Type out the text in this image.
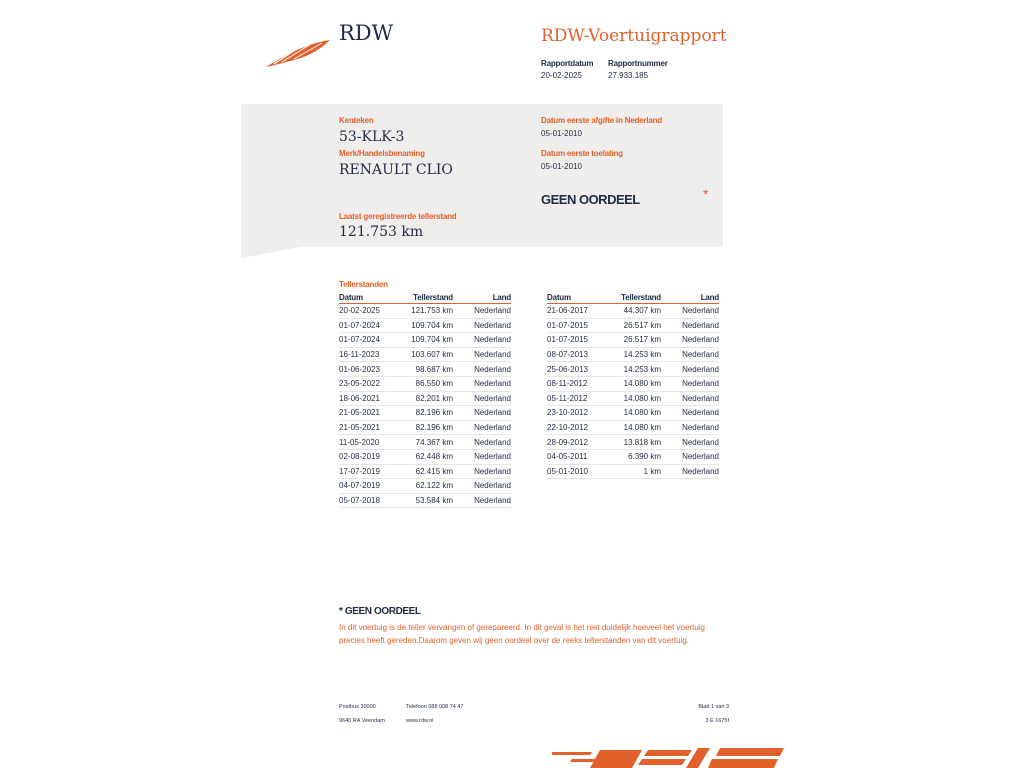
RDW	RDW-Voertuigrapport
Rapportdatum
20-02-2025
Rapportnummer
27.933.185
Kenteken
53-KLK-3
Merk/Handelsbenaming
RENAULT CLIO
Laatst geregistreerde tellerstand
121.753 km
Datum eerste afgifte in Nederland
05-01-2010
Datum eerste toelating
05-01-2010
GEEN OORDEEL	*
Tellerstanden
Datum	Tellerstand	Land
20-02-2025	121.753 km	Nederland
01-07-2024	109.704 km	Nederland
01-07-2024	109.704 km	Nederland
16-11-2023	103.607 km	Nederland
01-06-2023	98.687 km	Nederland
23-05-2022	86.550 km	Nederland
18-06-2021	82.201 km	Nederland
21-05-2021	82.196 km	Nederland
21-05-2021	82.196 km	Nederland
11-05-2020	74.367 km	Nederland
02-08-2019	62.448 km	Nederland
17-07-2019	62.415 km	Nederland
04-07-2019	62.122 km	Nederland
05-07-2018	53.584 km	Nederland
Datum	Tellerstand	Land
21-06-2017	44.307 km	Nederland
01-07-2015	26.517 km	Nederland
01-07-2015	26.517 km	Nederland
08-07-2013	14.253 km	Nederland
25-06-2013	14.253 km	Nederland
08-11-2012	14.080 km	Nederland
05-11-2012	14.080 km	Nederland
23-10-2012	14.080 km	Nederland
22-10-2012	14.080 km	Nederland
28-09-2012	13.818 km	Nederland
04-05-2011	6.390 km	Nederland
05-01-2010	1 km	Nederland
* GEEN OORDEEL
In dit voertuig is de teller vervangen of gerepareerd. In dit geval is het niet duidelijk hoeveel het voertuig precies heeft gereden.Daarom geven wij geen oordeel over de reeks tellerstanden van dit voertuig.
Postbus 30000
9640 RA Veendam
Telefoon 088 008 74 47
www.rdw.nl
Blad 1 van 3
3 E 1675f
